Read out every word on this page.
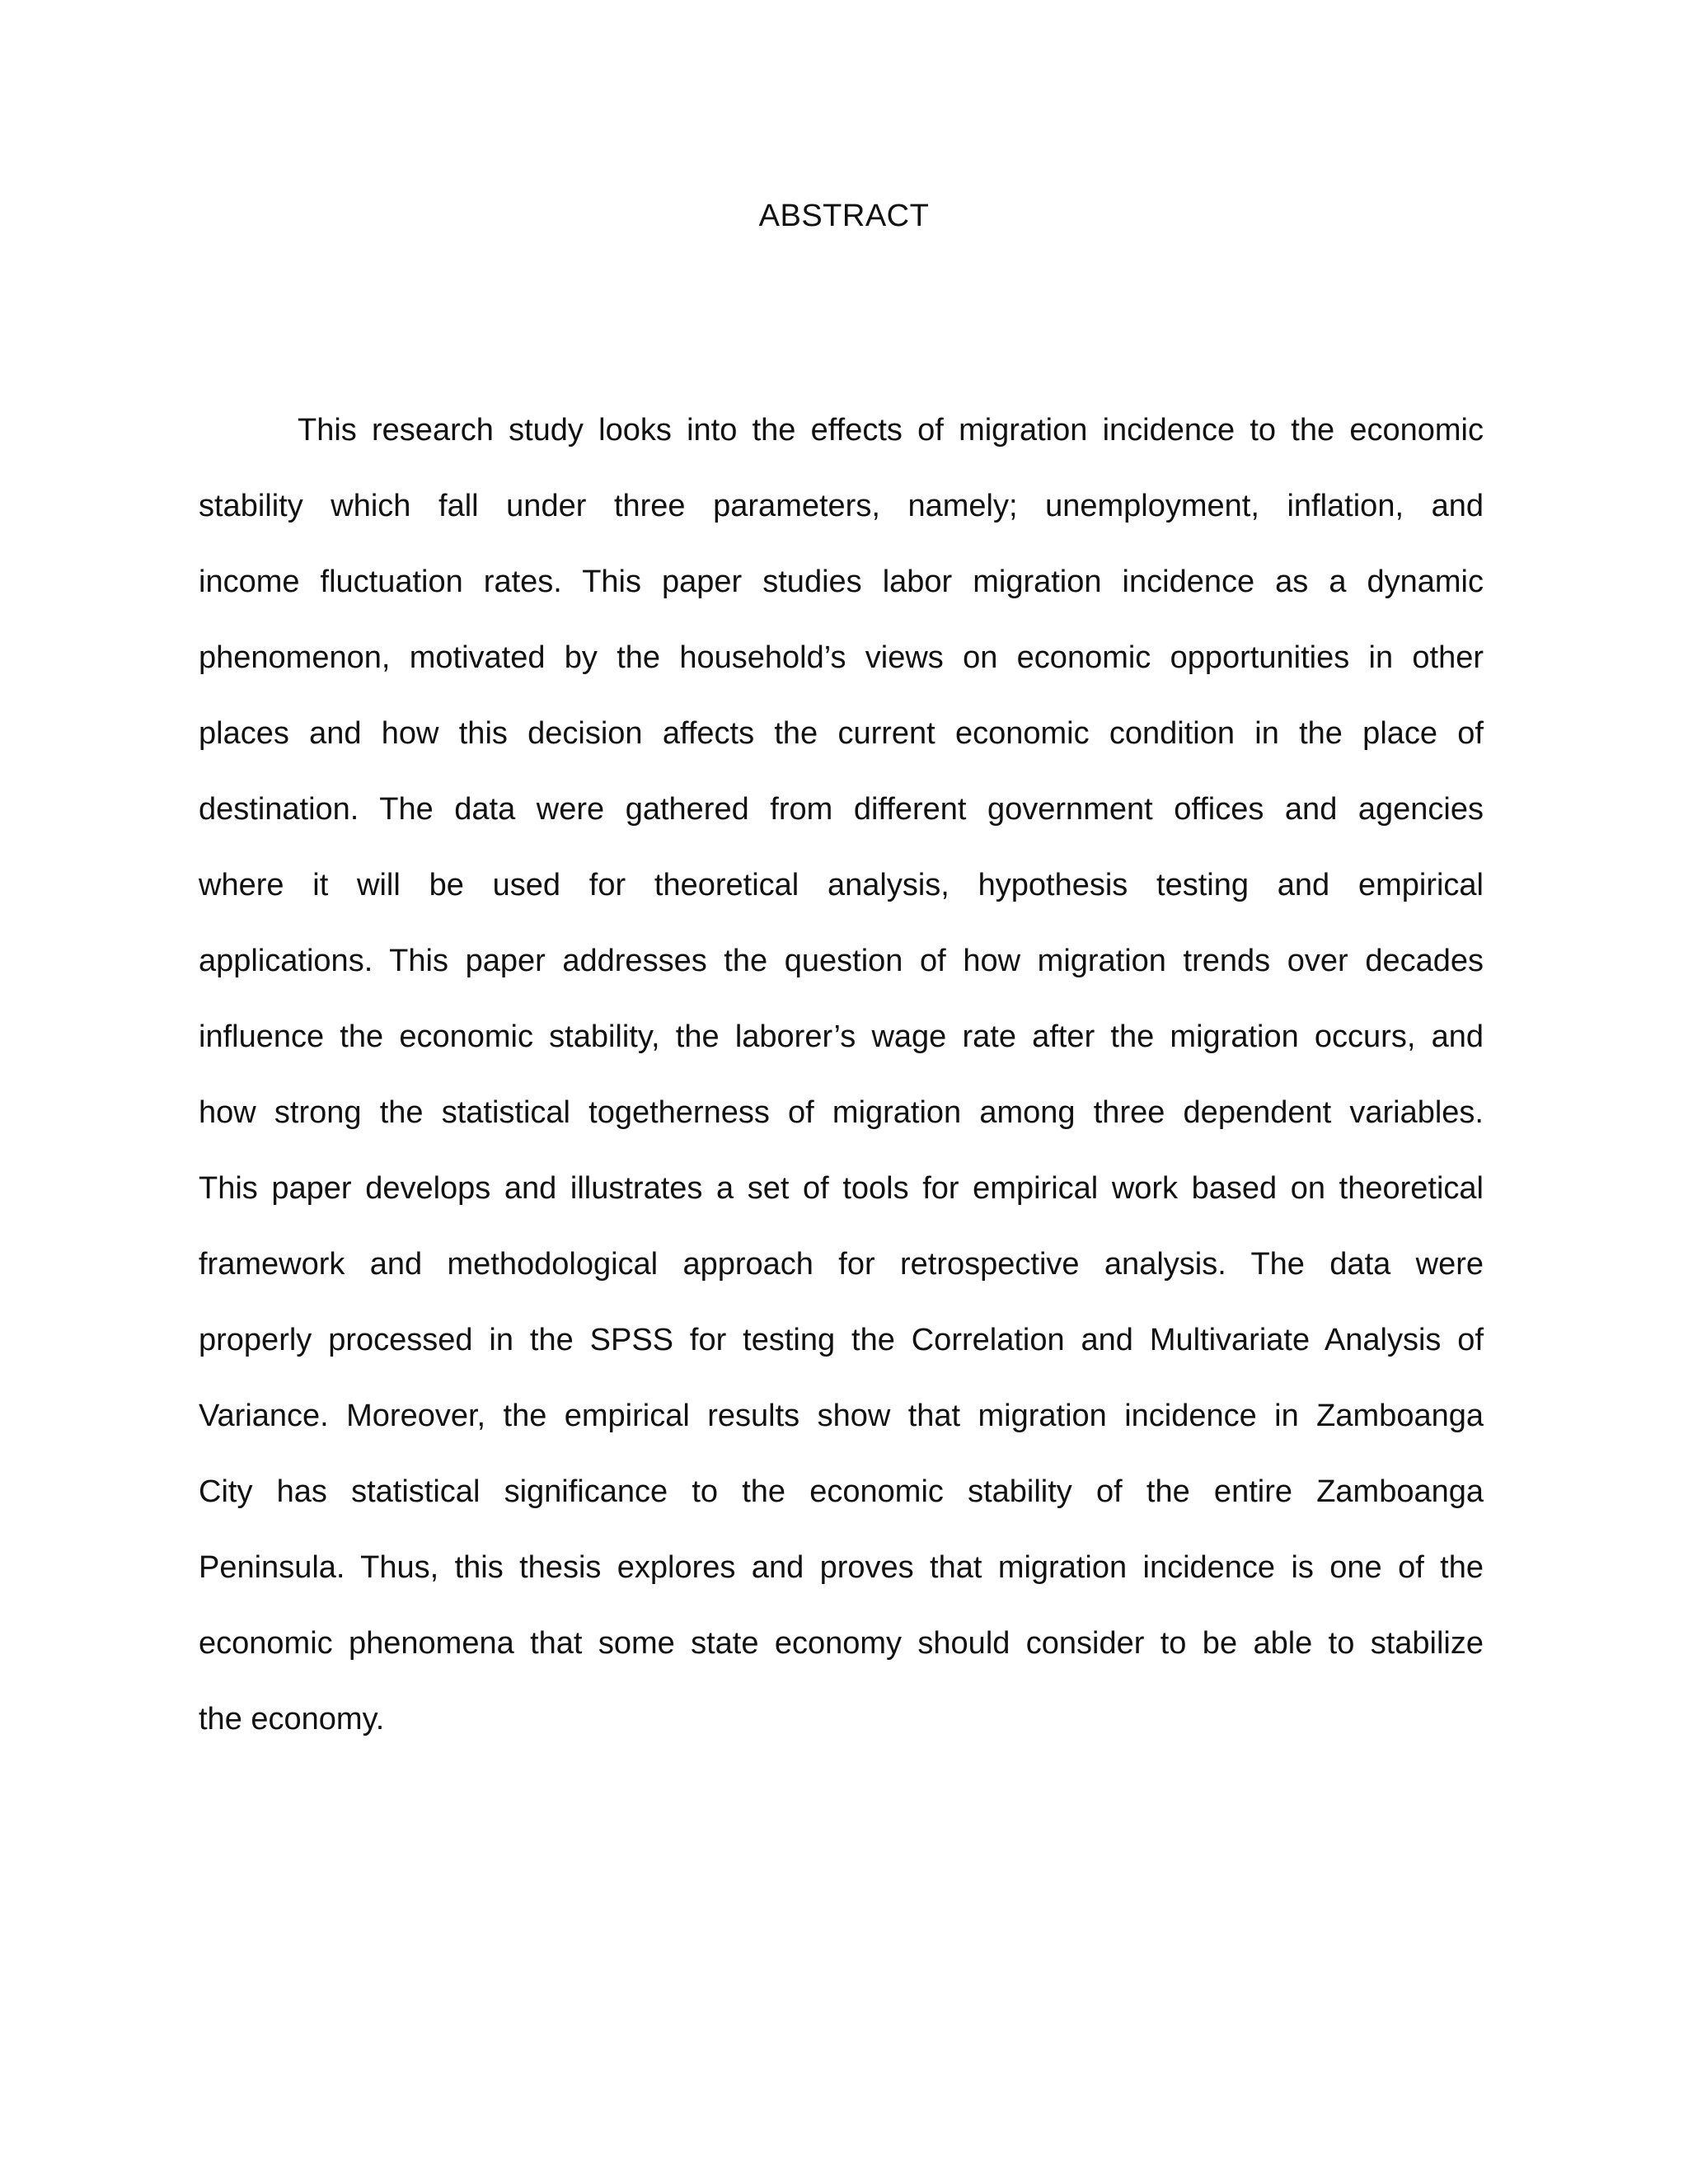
ABSTRACT
This research study looks into the effects of migration incidence to the economic
stability which fall under three parameters, namely; unemployment, inflation, and
income fluctuation rates. This paper studies labor migration incidence as a dynamic
phenomenon, motivated by the household’s views on economic opportunities in other
places and how this decision affects the current economic condition in the place of
destination. The data were gathered from different government offices and agencies
where it will be used for theoretical analysis, hypothesis testing and empirical
applications. This paper addresses the question of how migration trends over decades
influence the economic stability, the laborer’s wage rate after the migration occurs, and
how strong the statistical togetherness of migration among three dependent variables.
This paper develops and illustrates a set of tools for empirical work based on theoretical
framework and methodological approach for retrospective analysis. The data were
properly processed in the SPSS for testing the Correlation and Multivariate Analysis of
Variance. Moreover, the empirical results show that migration incidence in Zamboanga
City has statistical significance to the economic stability of the entire Zamboanga
Peninsula. Thus, this thesis explores and proves that migration incidence is one of the
economic phenomena that some state economy should consider to be able to stabilize
the economy.
